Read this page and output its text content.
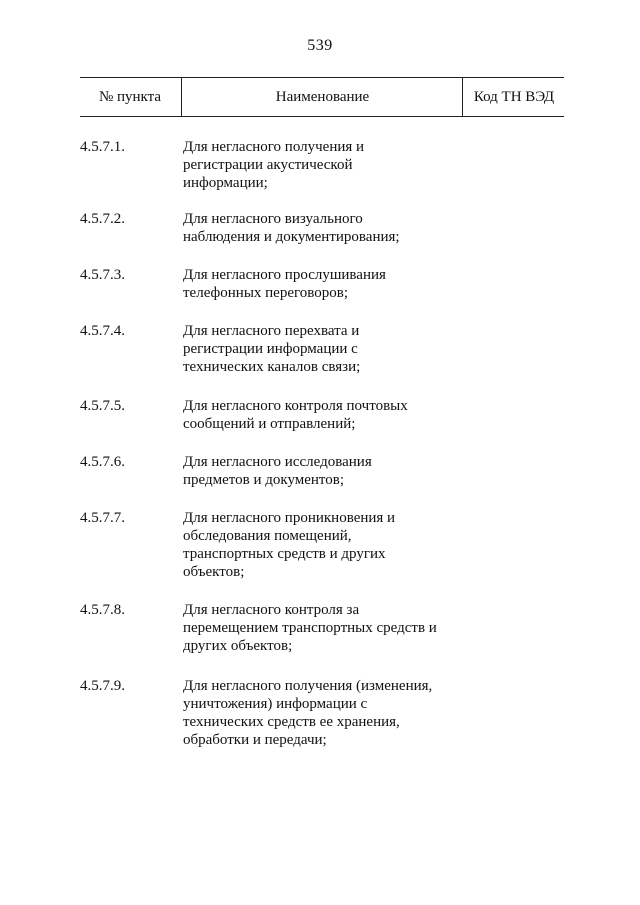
539
№ пункта	Наименование	Код ТН ВЭД
4.5.7.1.	Для негласного получения и
регистрации акустической
информации;
4.5.7.2.	Для негласного визуального
наблюдения и документирования;
4.5.7.3.	Для негласного прослушивания
телефонных переговоров;
4.5.7.4.	Для негласного перехвата и
регистрации информации с
технических каналов связи;
4.5.7.5.	Для негласного контроля почтовых
сообщений и отправлений;
4.5.7.6.	Для негласного исследования
предметов и документов;
4.5.7.7.	Для негласного проникновения и
обследования помещений,
транспортных средств и других
объектов;
4.5.7.8.	Для негласного контроля за
перемещением транспортных средств и
других объектов;
4.5.7.9.	Для негласного получения (изменения,
уничтожения) информации с
технических средств ее хранения,
обработки и передачи;
